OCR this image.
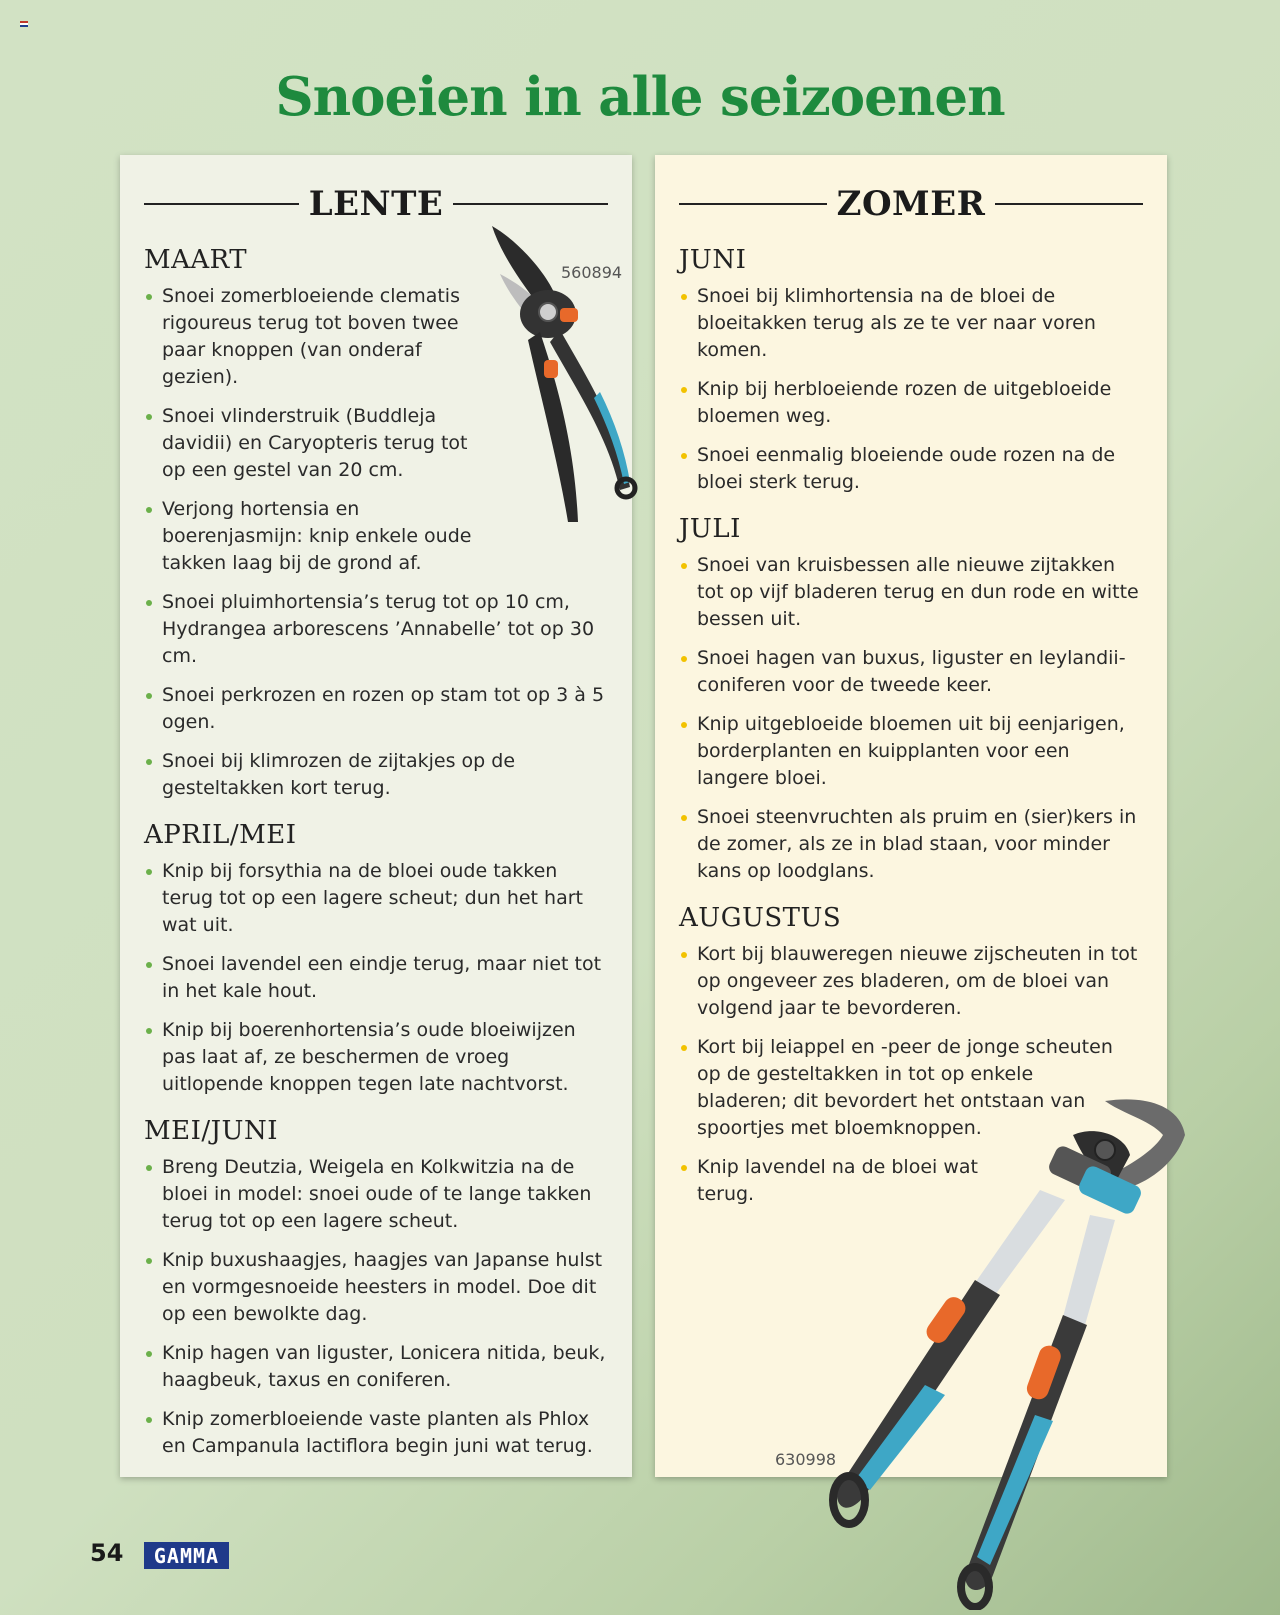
Snoeien in alle seizoenen
LENTE
MAART
Snoei zomerbloeiende clematis rigoureus terug tot boven twee paar knoppen (van onderaf gezien).
Snoei vlinderstruik (Buddleja davidii) en Caryopteris terug tot op een gestel van 20 cm.
Verjong hortensia en boerenjasmijn: knip enkele oude takken laag bij de grond af.
Snoei pluimhortensia’s terug tot op 10 cm, Hydrangea arborescens ’Annabelle’ tot op 30 cm.
Snoei perkrozen en rozen op stam tot op 3 à 5 ogen.
Snoei bij klimrozen de zijtakjes op de gesteltakken kort terug.
APRIL/MEI
Knip bij forsythia na de bloei oude takken terug tot op een lagere scheut; dun het hart wat uit.
Snoei lavendel een eindje terug, maar niet tot in het kale hout.
Knip bij boerenhortensia’s oude bloeiwijzen pas laat af, ze beschermen de vroeg uitlopende knoppen tegen late nachtvorst.
MEI/JUNI
Breng Deutzia, Weigela en Kolkwitzia na de bloei in model: snoei oude of te lange takken terug tot op een lagere scheut.
Knip buxushaagjes, haagjes van Japanse hulst en vormgesnoeide heesters in model. Doe dit op een bewolkte dag.
Knip hagen van liguster, Lonicera nitida, beuk, haagbeuk, taxus en coniferen.
Knip zomerbloeiende vaste planten als Phlox en Campanula lactiflora begin juni wat terug.
560894
ZOMER
JUNI
Snoei bij klimhortensia na de bloei de bloeitakken terug als ze te ver naar voren komen.
Knip bij herbloeiende rozen de uitgebloeide bloemen weg.
Snoei eenmalig bloeiende oude rozen na de bloei sterk terug.
JULI
Snoei van kruisbessen alle nieuwe zijtakken tot op vijf bladeren terug en dun rode en witte bessen uit.
Snoei hagen van buxus, liguster en leylandii-coniferen voor de tweede keer.
Knip uitgebloeide bloemen uit bij eenjarigen, borderplanten en kuipplanten voor een langere bloei.
Snoei steenvruchten als pruim en (sier)kers in de zomer, als ze in blad staan, voor minder kans op loodglans.
AUGUSTUS
Kort bij blauweregen nieuwe zijscheuten in tot op ongeveer zes bladeren, om de bloei van volgend jaar te bevorderen.
Kort bij leiappel en -peer de jonge scheuten op de gesteltakken in tot op enkele bladeren; dit bevordert het ontstaan van spoortjes met bloemknoppen.
Knip lavendel na de bloei wat terug.
630998
54	GAMMA
